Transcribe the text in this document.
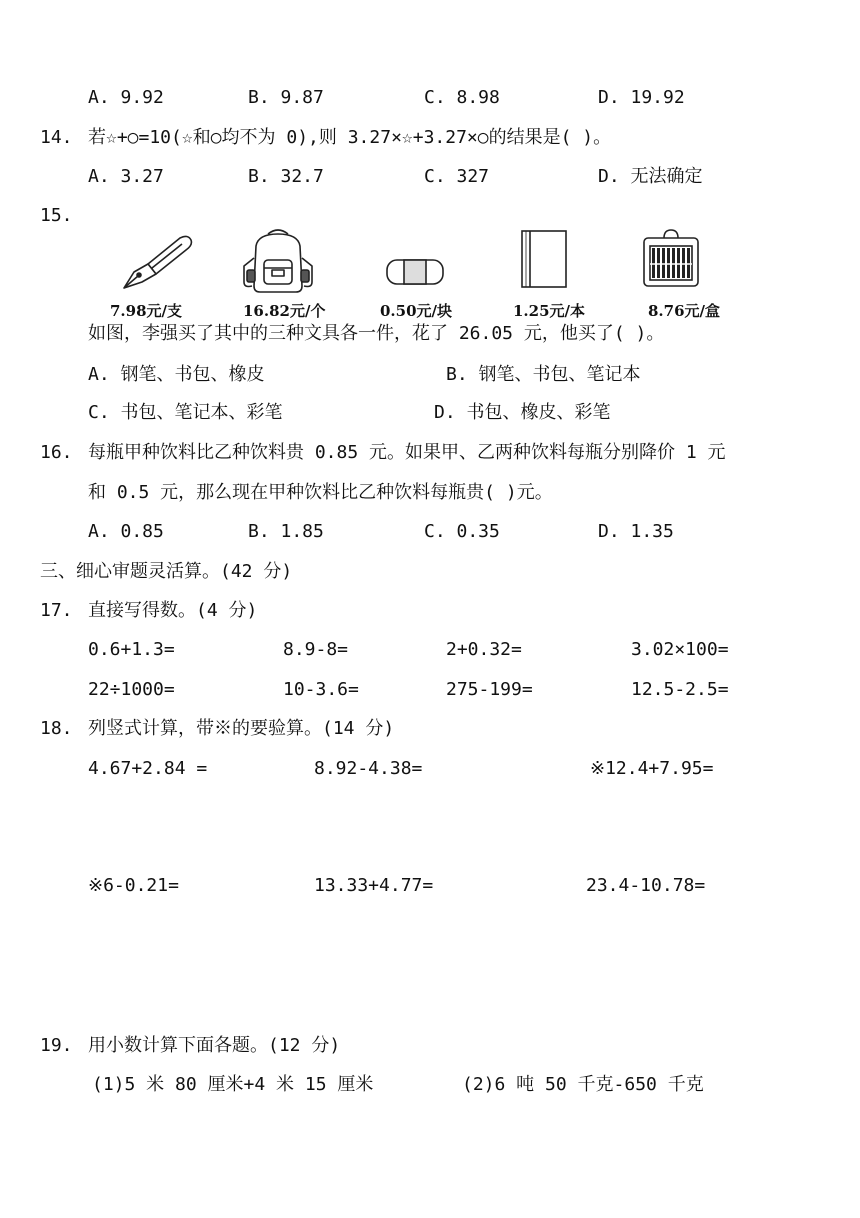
A. 9.92	B. 9.87	C. 8.98	D. 19.92
14. 若☆+○=10(☆和○均不为 0),则 3.27×☆+3.27×○的结果是( )。
A. 3.27	B. 32.7	C. 327	D. 无法确定
15.
7.98元/支	16.82元/个	0.50元/块	1.25元/本	8.76元/盒
如图，李强买了其中的三种文具各一件，花了 26.05 元，他买了( )。
A. 钢笔、书包、橡皮	B. 钢笔、书包、笔记本
C. 书包、笔记本、彩笔	D. 书包、橡皮、彩笔
16. 每瓶甲种饮料比乙种饮料贵 0.85 元。如果甲、乙两种饮料每瓶分别降价 1 元
和 0.5 元，那么现在甲种饮料比乙种饮料每瓶贵( )元。
A. 0.85	B. 1.85	C. 0.35	D. 1.35
三、细心审题灵活算。(42 分)
17. 直接写得数。(4 分)
0.6+1.3=	8.9-8=	2+0.32=	3.02×100=
22÷1000=	10-3.6=	275-199=	12.5-2.5=
18. 列竖式计算，带※的要验算。(14 分)
4.67+2.84 =	8.92-4.38=	※12.4+7.95=
※6-0.21=	13.33+4.77=	23.4-10.78=
19. 用小数计算下面各题。(12 分)
(1)5 米 80 厘米+4 米 15 厘米	(2)6 吨 50 千克-650 千克
